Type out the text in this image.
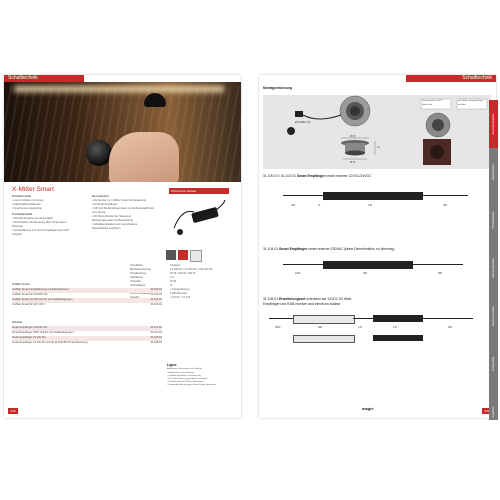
Schalttechnik
X-Mitter Smart
Produktvorteile
• Lorem funktion mit Sensor
• kraftschaltkontaktdosen
• Smart Home integrierbar
Produktdynamik
• Standby-Funktion des Sensoraktiv
• Schnittstelle Lichtsteuerung über Smart Home
Netzwerk
• Fernbedienung und Smart Empfänger sind nicht
integriert
Besonderheit
• Als Sender zur X-Mitter Smart Fernbedienung
und Smart Empfänger
• 230 Volt SE Empfänger kann zur Einflussmöglichkeit
sein können
• Mit Überschreiten der Steuerung
Bewegungsmelder zur Beleuchtung
• Schaltkombination kann verschiedene
Steuerbefehle ausführen
Technische Details
Oberfläche	Schwarz
Betriebsspannung	12 Volt DC / 24 Volt DC / 230 Volt AC
Schaltleistung	60 W / 120 W / 200 W
Kabellänge	2 m
Schutzart	IP 20
Schutzklasse	III
+ Fernbedienung
Anzahl Ausgänge	1 (Mit Dimmer)
< 0,5 W / < 0,3 W
X-Mitter Smart
X-Mitter Smart Fernbedienung mit Kabelrahmung	31.100.01
X-Mitter Smart für 12V/24V DC	31.102.01
X-Mitter Smart mit 230 Volt AC mit Kaufbedingungen	31.104.01
X-Mitter Smart für 12V 230 V	31.106.01
Zubehör
Smart Empfänger 12V/24V DC	31.102.01
Smart Empfänger 230V Volt AC mit Kaufbedingungen	31.104.01
Smart Empfänger 24 Volt DC	31.106.01
Smart Empfänger 12 Volt DC und 30 W FHD Mit Timer Steuerung	31.108.01
Ligno
Allgemeine Information zur Nutzung
• Netzteil bei erstem Einbau
• Ladekonfiguration Lichtsteuerung
• Für Smart Steuerung jederzeit verfügbar
• Funkaktivität bis 8 Meter Reichweite
• Kompatibel mit gängigen Smart Home Systemen
228
Schalttechnik
Montagezeichnung
Ø 6 MMM / 50
Ø 60
Ø 70
14
Dänischem pad = ±0,5/3
Halten 6 mm
inkl. Vivaldi: Lösung mit Sensor
mit Kabel
31.100.01 / 31.102.01 Smart Empfänger smart receiver 12VDC/24VDC
240	11	146	160
31.104.01 Smart Empfänger smart receiver 230VAC (keine Dimmfunktion no dimming)
1000	190	800
31.106.01 Erweiterungsset extension set 12VDC 60 Watt,
Empfänger und RAB-receiver and electronic ballast
2000	305	170	176	300
magic	229
Kommunikation
Steckdosen
Schaltechnik
Sensortechnik
Spot-Leuchten
Lichtprofile
Zubehör
